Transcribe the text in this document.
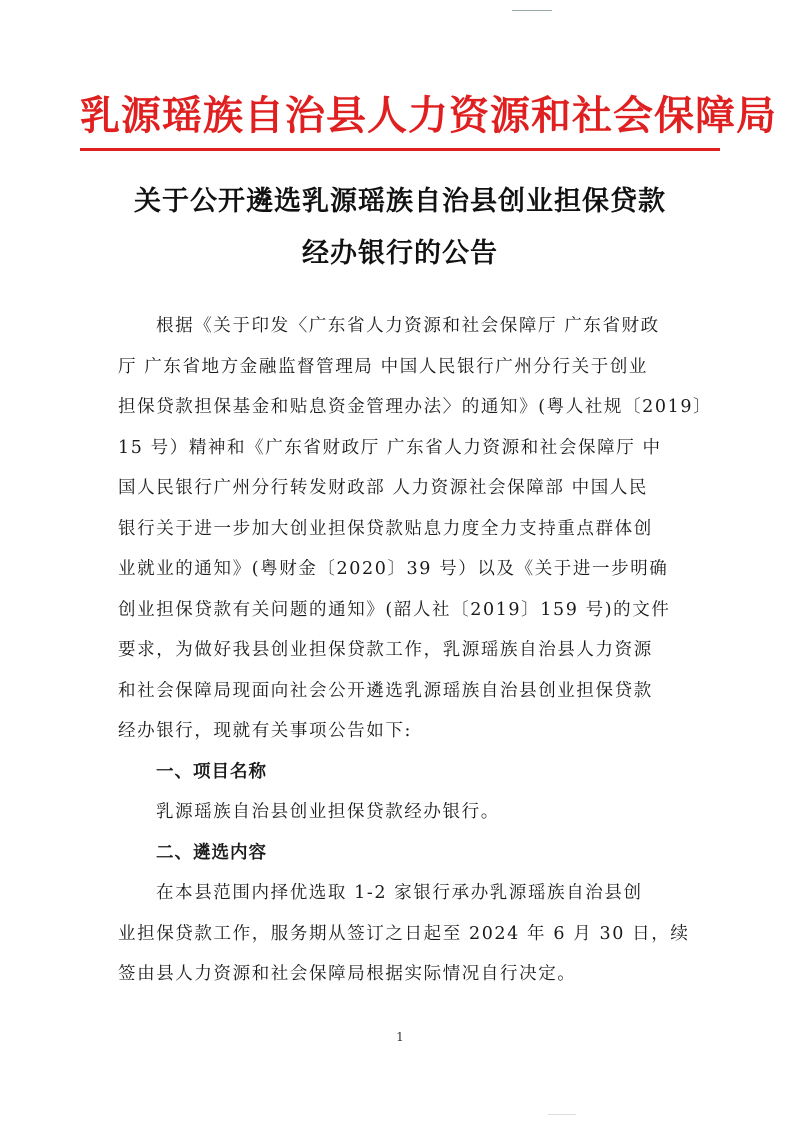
乳源瑶族自治县人力资源和社会保障局
关于公开遴选乳源瑶族自治县创业担保贷款
经办银行的公告
根据《关于印发〈广东省人力资源和社会保障厅 广东省财政
厅 广东省地方金融监督管理局 中国人民银行广州分行关于创业
担保贷款担保基金和贴息资金管理办法〉的通知》(粤人社规〔2019〕
15 号）精神和《广东省财政厅 广东省人力资源和社会保障厅 中
国人民银行广州分行转发财政部 人力资源社会保障部 中国人民
银行关于进一步加大创业担保贷款贴息力度全力支持重点群体创
业就业的通知》(粤财金〔2020〕39 号）以及《关于进一步明确
创业担保贷款有关问题的通知》(韶人社〔2019〕159 号)的文件
要求，为做好我县创业担保贷款工作，乳源瑶族自治县人力资源
和社会保障局现面向社会公开遴选乳源瑶族自治县创业担保贷款
经办银行，现就有关事项公告如下:
一、项目名称
乳源瑶族自治县创业担保贷款经办银行。
二、遴选内容
在本县范围内择优选取 1-2 家银行承办乳源瑶族自治县创
业担保贷款工作，服务期从签订之日起至 2024 年 6 月 30 日，续
签由县人力资源和社会保障局根据实际情况自行决定。
1
